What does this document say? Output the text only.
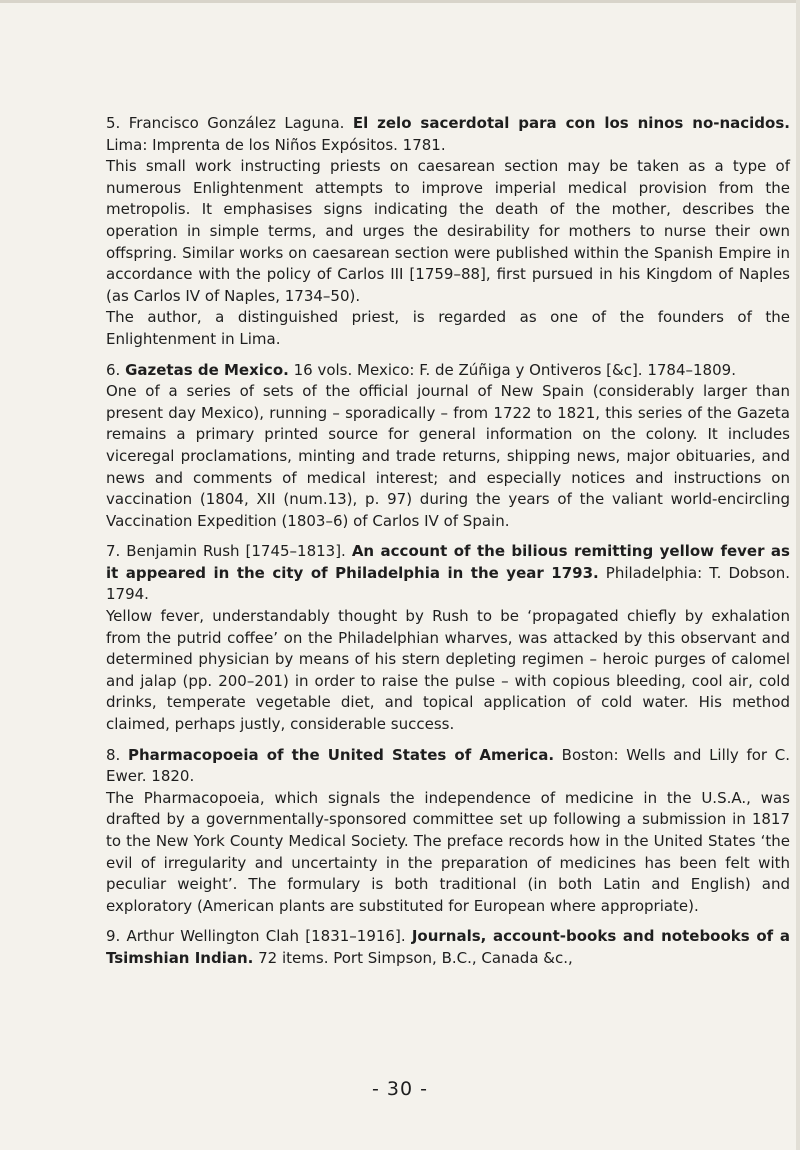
5. Francisco González Laguna. El zelo sacerdotal para con los ninos no-nacidos. Lima: Imprenta de los Niños Expósitos. 1781.

This small work instructing priests on caesarean section may be taken as a type of numerous Enlightenment attempts to improve imperial medical provision from the metropolis. It emphasises signs indicating the death of the mother, describes the operation in simple terms, and urges the desirability for mothers to nurse their own offspring. Similar works on caesarean section were published within the Spanish Empire in accordance with the policy of Carlos III [1759–88], first pursued in his Kingdom of Naples (as Carlos IV of Naples, 1734–50).

The author, a distinguished priest, is regarded as one of the founders of the Enlightenment in Lima.

6. Gazetas de Mexico. 16 vols. Mexico: F. de Zúñiga y Ontiveros [&c]. 1784–1809.

One of a series of sets of the official journal of New Spain (considerably larger than present day Mexico), running – sporadically – from 1722 to 1821, this series of the Gazeta remains a primary printed source for general information on the colony. It includes viceregal proclamations, minting and trade returns, shipping news, major obituaries, and news and comments of medical interest; and especially notices and instructions on vaccination (1804, XII (num.13), p. 97) during the years of the valiant world-encircling Vaccination Expedition (1803–6) of Carlos IV of Spain.

7. Benjamin Rush [1745–1813]. An account of the bilious remitting yellow fever as it appeared in the city of Philadelphia in the year 1793. Philadelphia: T. Dobson. 1794.

Yellow fever, understandably thought by Rush to be ‘propagated chiefly by exhalation from the putrid coffee’ on the Philadelphian wharves, was attacked by this observant and determined physician by means of his stern depleting regimen – heroic purges of calomel and jalap (pp. 200–201) in order to raise the pulse – with copious bleeding, cool air, cold drinks, temperate vegetable diet, and topical application of cold water. His method claimed, perhaps justly, considerable success.

8. Pharmacopoeia of the United States of America. Boston: Wells and Lilly for C. Ewer. 1820.

The Pharmacopoeia, which signals the independence of medicine in the U.S.A., was drafted by a governmentally-sponsored committee set up following a submission in 1817 to the New York County Medical Society. The preface records how in the United States ‘the evil of irregularity and uncertainty in the preparation of medicines has been felt with peculiar weight’. The formulary is both traditional (in both Latin and English) and exploratory (American plants are substituted for European where appropriate).

9. Arthur Wellington Clah [1831–1916]. Journals, account-books and notebooks of a Tsimshian Indian. 72 items. Port Simpson, B.C., Canada &c.,

- 30 -
